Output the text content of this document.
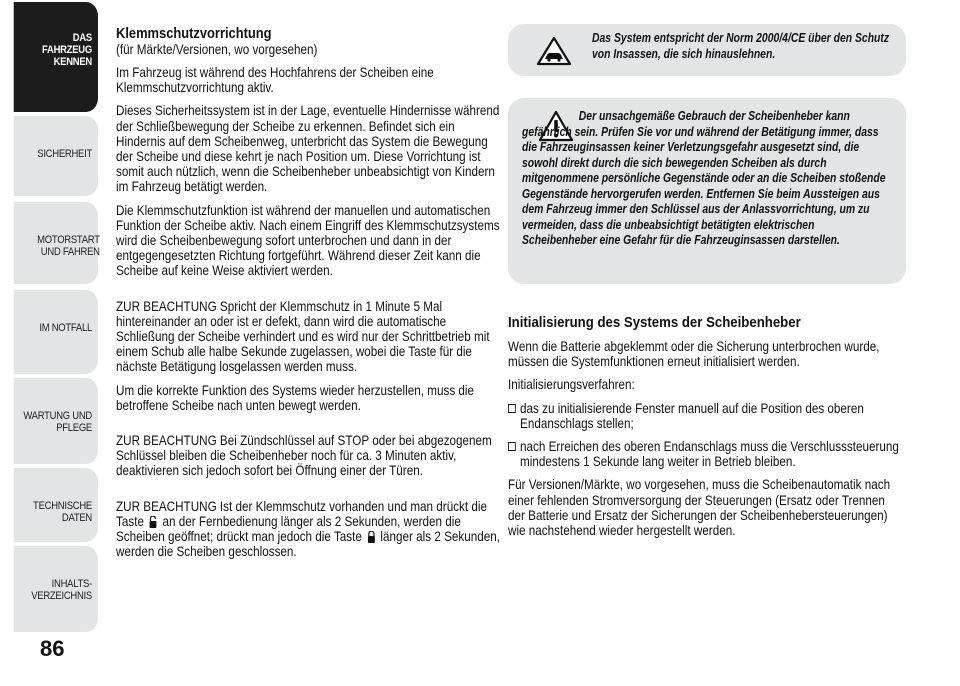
DAS FAHRZEUG KENNEN
SICHERHEIT
MOTORSTART UND FAHREN
IM NOTFALL
WARTUNG UND PFLEGE
TECHNISCHE DATEN
INHALTS- VERZEICHNIS
86

Klemmschutzvorrichtung

(für Märkte/Versionen, wo vorgesehen)

Im Fahrzeug ist während des Hochfahrens der Scheiben eine Klemmschutzvorrichtung aktiv.

Dieses Sicherheitssystem ist in der Lage, eventuelle Hindernisse während der Schließbewegung der Scheibe zu erkennen. Befindet sich ein Hindernis auf dem Scheibenweg, unterbricht das System die Bewegung der Scheibe und diese kehrt je nach Position um. Diese Vorrichtung ist somit auch nützlich, wenn die Scheibenheber unbeabsichtigt von Kindern im Fahrzeug betätigt werden.

Die Klemmschutzfunktion ist während der manuellen und automatischen Funktion der Scheibe aktiv. Nach einem Eingriff des Klemmschutzsystems wird die Scheibenbewegung sofort unterbrochen und dann in der entgegengesetzten Richtung fortgeführt. Während dieser Zeit kann die Scheibe auf keine Weise aktiviert werden.

ZUR BEACHTUNG Spricht der Klemmschutz in 1 Minute 5 Mal hintereinander an oder ist er defekt, dann wird die automatische Schließung der Scheibe verhindert und es wird nur der Schrittbetrieb mit einem Schub alle halbe Sekunde zugelassen, wobei die Taste für die nächste Betätigung losgelassen werden muss.

Um die korrekte Funktion des Systems wieder herzustellen, muss die betroffene Scheibe nach unten bewegt werden.

ZUR BEACHTUNG Bei Zündschlüssel auf STOP oder bei abgezogenem Schlüssel bleiben die Scheibenheber noch für ca. 3 Minuten aktiv, deaktivieren sich jedoch sofort bei Öffnung einer der Türen.

ZUR BEACHTUNG Ist der Klemmschutz vorhanden und man drückt die Taste an der Fernbedienung länger als 2 Sekunden, werden die Scheiben geöffnet; drückt man jedoch die Taste länger als 2 Sekunden, werden die Scheiben geschlossen.

Das System entspricht der Norm 2000/4/CE über den Schutz von Insassen, die sich hinauslehnen.

Der unsachgemäße Gebrauch der Scheibenheber kann gefährlich sein. Prüfen Sie vor und während der Betätigung immer, dass die Fahrzeuginsassen keiner Verletzungsgefahr ausgesetzt sind, die sowohl direkt durch die sich bewegenden Scheiben als durch mitgenommene persönliche Gegenstände oder an die Scheiben stoßende Gegenstände hervorgerufen werden. Entfernen Sie beim Aussteigen aus dem Fahrzeug immer den Schlüssel aus der Anlassvorrichtung, um zu vermeiden, dass die unbeabsichtigt betätigten elektrischen Scheibenheber eine Gefahr für die Fahrzeuginsassen darstellen.

Initialisierung des Systems der Scheibenheber

Wenn die Batterie abgeklemmt oder die Sicherung unterbrochen wurde, müssen die Systemfunktionen erneut initialisiert werden.

Initialisierungsverfahren:

das zu initialisierende Fenster manuell auf die Position des oberen Endanschlags stellen;

nach Erreichen des oberen Endanschlags muss die Verschlusssteuerung mindestens 1 Sekunde lang weiter in Betrieb bleiben.

Für Versionen/Märkte, wo vorgesehen, muss die Scheibenautomatik nach einer fehlenden Stromversorgung der Steuerungen (Ersatz oder Trennen der Batterie und Ersatz der Sicherungen der Scheibenhebersteuerungen) wie nachstehend wieder hergestellt werden.
